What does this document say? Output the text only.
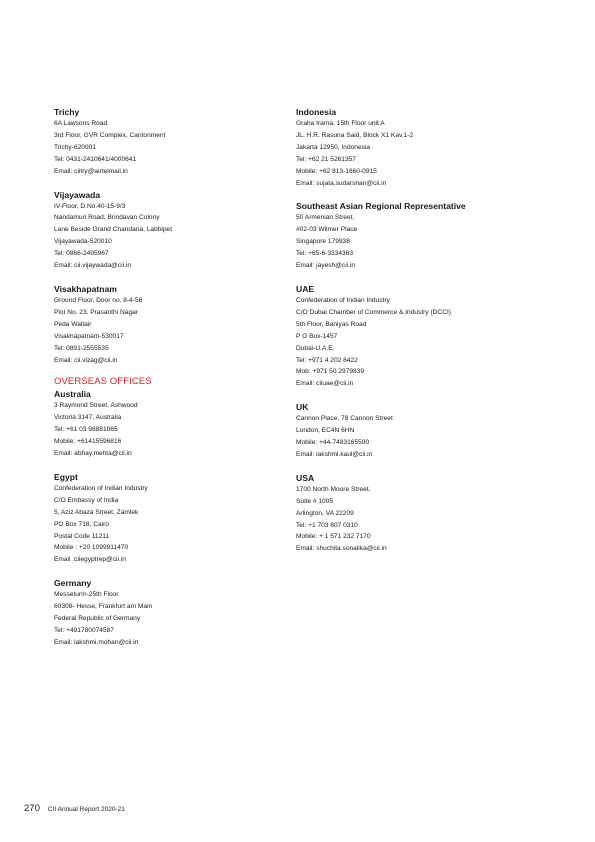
Trichy
6A Lawsons Road
3rd Floor, GVR Complex, Cantonment
Trichy-620001
Tel: 0431-2410641/4000641
Email: ciitry@airtelmail.in
Vijayawada
IV-Floor, D.No.40-15-9/3
Nandamuri Road, Brindavan Colony
Lane Beside Grand Chandana, Labbipet
Vijayawada-520010
Tel: 0866-2495967
Email: cii.vijaywada@cii.in
Visakhapatnam
Ground Floor, Door no. 8-4-56
Plot No. 23, Prasanthi Nagar
Peda Waltair
Visakhapatnam-530017
Tel: 0891-2555535
Email: cii.vizag@cii.in
OVERSEAS OFFICES
Australia
3 Raymond Street, Ashwood
Victoria 3147, Australia
Tel: +61 03 98881065
Mobile: +61415596816
Email: abhay.mehta@cii.in
Egypt
Confederation of Indian Industry
C/O Embassy of India
5, Aziz Abaza Street, Zamlek
PO Box 718, Cairo
Postal Code 11211
Mobile : +20 1099911470
Email :ciiegyptrep@cii.in
Germany
Messeturm-25th Floor
60308- Hesse, Frankfurt am Main
Federal Republic of Germany
Tel: +491780074587
Email: lakshmi.mohan@cii.in
Indonesia
Graha Irama, 15th Floor unit A
JL. H.R. Rasuna Said, Block X1 Kav.1-2
Jakarta 12950, Indonesia
Tel: +62 21 5261357
Mobile: +62 813-1860-0915
Email: sujata.sudarshan@cii.in
Southeast Asian Regional Representative
50 Armenian Street,
#02-03 Wilmer Place
Singapore 179938
Tel: +65-6-3334363
Email: jayesh@cii.in
UAE
Confederation of Indian Industry
C/O Dubai Chamber of Commerce & Industry (DCCI)
5th Floor, Baniyas Road
P O Box-1457
Dubai-U.A.E.
Tel: +971 4 202 8422
Mob: +971 50 2979839
Email: ciiuae@cii.in
UK
Cannon Place, 78 Cannon Street
London, EC4N 6HN
Mobile: +44-7483165590
Email: lakshmi.kaul@cii.in
USA
1700 North Moore Street,
Suite # 1005
Arlington, VA 22209
Tel: +1 703 807 0310
Mobile: + 1 571 232 7170
Email: shuchita.sonalika@cii.in
270 CII Annual Report 2020-21
